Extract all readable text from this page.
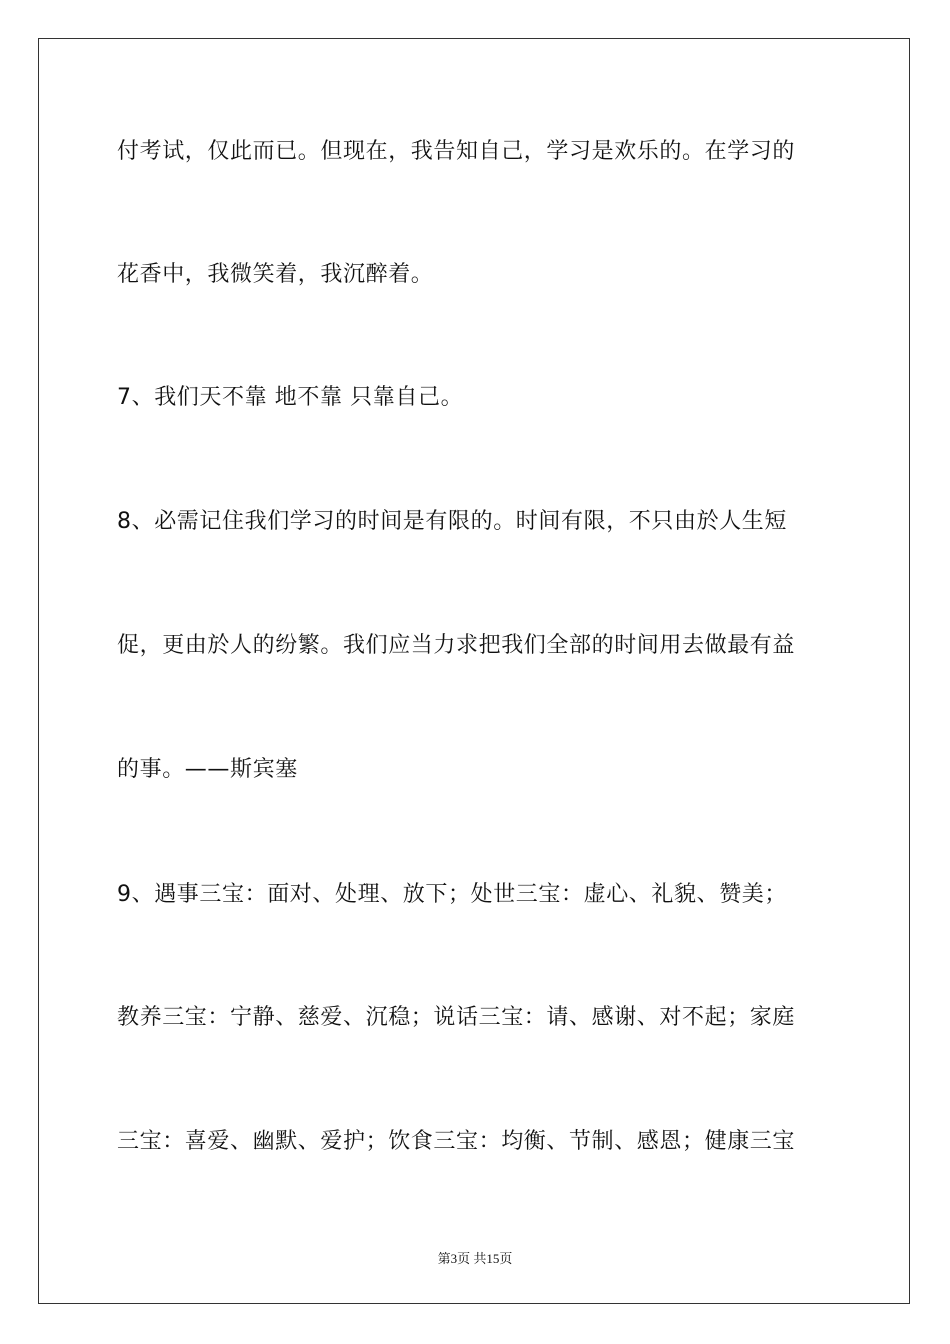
付考试，仅此而已。但现在，我告知自己，学习是欢乐的。在学习的
花香中，我微笑着，我沉醉着。
7、我们天不靠 地不靠 只靠自己。
8、必需记住我们学习的时间是有限的。时间有限，不只由於人生短
促，更由於人的纷繁。我们应当力求把我们全部的时间用去做最有益
的事。——斯宾塞
9、遇事三宝：面对、处理、放下；处世三宝：虚心、礼貌、赞美；
教养三宝：宁静、慈爱、沉稳；说话三宝：请、感谢、对不起；家庭
三宝：喜爱、幽默、爱护；饮食三宝：均衡、节制、感恩；健康三宝
第3页 共15页
